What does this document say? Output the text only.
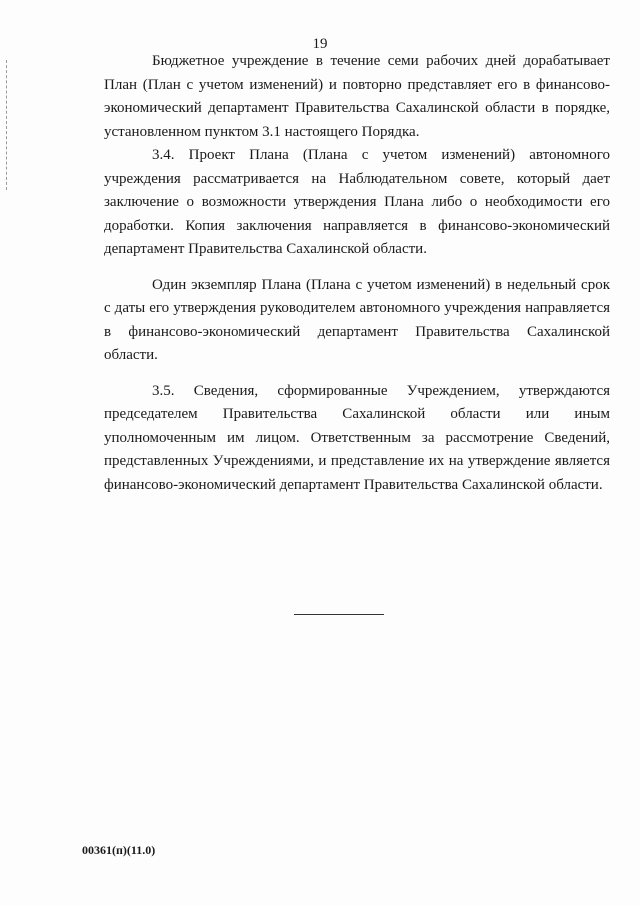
19

Бюджетное учреждение в течение семи рабочих дней дорабатывает План (План с учетом изменений) и повторно представляет его в финансово-экономический департамент Правительства Сахалинской области в порядке, установленном пунктом 3.1 настоящего Порядка.

3.4. Проект Плана (Плана с учетом изменений) автономного учреждения рассматривается на Наблюдательном совете, который дает заключение о возможности утверждения Плана либо о необходимости его доработки. Копия заключения направляется в финансово-экономический департамент Правительства Сахалинской области.

Один экземпляр Плана (Плана с учетом изменений) в недельный срок с даты его утверждения руководителем автономного учреждения направляется в финансово-экономический департамент Правительства Сахалинской области.

3.5. Сведения, сформированные Учреждением, утверждаются председателем Правительства Сахалинской области или иным уполномоченным им лицом. Ответственным за рассмотрение Сведений, представленных Учреждениями, и представление их на утверждение является финансово-экономический департамент Правительства Сахалинской области.

00361(п)(11.0)
